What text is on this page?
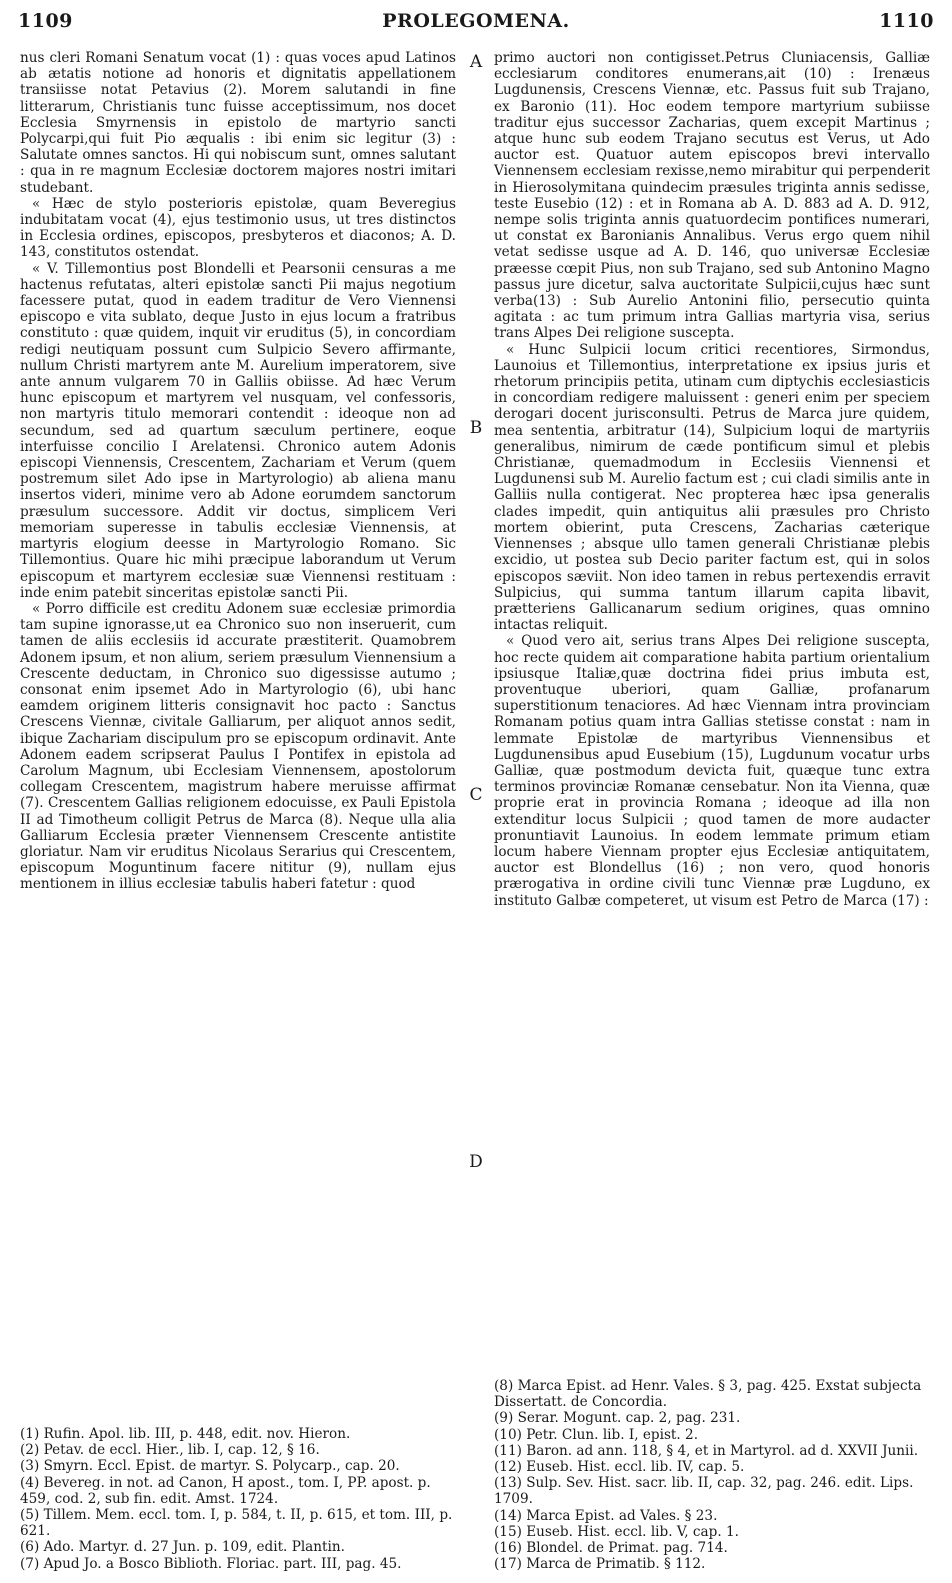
1109	PROLEGOMENA.	1110

nus cleri Romani Senatum vocat (1) : quas voces apud Latinos ab ætatis notione ad honoris et dignitatis appellationem transiisse notat Petavius (2). Morem salutandi in fine litterarum, Christianis tunc fuisse acceptissimum, nos docet Ecclesia Smyrnensis in epistolo de martyrio sancti Polycarpi,qui fuit Pio æqualis : ibi enim sic legitur (3) : Salutate omnes sanctos. Hi qui nobiscum sunt, omnes salutant : qua in re magnum Ecclesiæ doctorem majores nostri imitari studebant.

« Hæc de stylo posterioris epistolæ, quam Beveregius indubitatam vocat (4), ejus testimonio usus, ut tres distinctos in Ecclesia ordines, episcopos, presbyteros et diaconos; A. D. 143, constitutos ostendat.

« V. Tillemontius post Blondelli et Pearsonii censuras a me hactenus refutatas, alteri epistolæ sancti Pii majus negotium facessere putat, quod in eadem traditur de Vero Viennensi episcopo e vita sublato, deque Justo in ejus locum a fratribus constituto : quæ quidem, inquit vir eruditus (5), in concordiam redigi neutiquam possunt cum Sulpicio Severo affirmante, nullum Christi martyrem ante M. Aurelium imperatorem, sive ante annum vulgarem 70 in Galliis obiisse. Ad hæc Verum hunc episcopum et martyrem vel nusquam, vel confessoris, non martyris titulo memorari contendit : ideoque non ad secundum, sed ad quartum sæculum pertinere, eoque interfuisse concilio I Arelatensi. Chronico autem Adonis episcopi Viennensis, Crescentem, Zachariam et Verum (quem postremum silet Ado ipse in Martyrologio) ab aliena manu insertos videri, minime vero ab Adone eorumdem sanctorum præsulum successore. Addit vir doctus, simplicem Veri memoriam superesse in tabulis ecclesiæ Viennensis, at martyris elogium deesse in Martyrologio Romano. Sic Tillemontius. Quare hic mihi præcipue laborandum ut Verum episcopum et martyrem ecclesiæ suæ Viennensi restituam : inde enim patebit sinceritas epistolæ sancti Pii.

« Porro difficile est creditu Adonem suæ ecclesiæ primordia tam supine ignorasse,ut ea Chronico suo non inseruerit, cum tamen de aliis ecclesiis id accurate præstiterit. Quamobrem Adonem ipsum, et non alium, seriem præsulum Viennensium a Crescente deductam, in Chronico suo digessisse autumo ; consonat enim ipsemet Ado in Martyrologio (6), ubi hanc eamdem originem litteris consignavit hoc pacto : Sanctus Crescens Viennæ, civitale Galliarum, per aliquot annos sedit, ibique Zachariam discipulum pro se episcopum ordinavit. Ante Adonem eadem scripserat Paulus I Pontifex in epistola ad Carolum Magnum, ubi Ecclesiam Viennensem, apostolorum collegam Crescentem, magistrum habere meruisse affirmat (7). Crescentem Gallias religionem edocuisse, ex Pauli Epistola II ad Timotheum colligit Petrus de Marca (8). Neque ulla alia Galliarum Ecclesia præter Viennensem Crescente antistite gloriatur. Nam vir eruditus Nicolaus Serarius qui Crescentem, episcopum Moguntinum facere nititur (9), nullam ejus mentionem in illius ecclesiæ tabulis haberi fatetur : quod

A
B
C
D

primo auctori non contigisset.Petrus Cluniacensis, Galliæ ecclesiarum conditores enumerans,ait (10) : Irenæus Lugdunensis, Crescens Viennæ, etc. Passus fuit sub Trajano, ex Baronio (11). Hoc eodem tempore martyrium subiisse traditur ejus successor Zacharias, quem excepit Martinus ; atque hunc sub eodem Trajano secutus est Verus, ut Ado auctor est. Quatuor autem episcopos brevi intervallo Viennensem ecclesiam rexisse,nemo mirabitur qui perpenderit in Hierosolymitana quindecim præsules triginta annis sedisse, teste Eusebio (12) : et in Romana ab A. D. 883 ad A. D. 912, nempe solis triginta annis quatuordecim pontifices numerari, ut constat ex Baronianis Annalibus. Verus ergo quem nihil vetat sedisse usque ad A. D. 146, quo universæ Ecclesiæ præesse cœpit Pius, non sub Trajano, sed sub Antonino Magno passus jure dicetur, salva auctoritate Sulpicii,cujus hæc sunt verba(13) : Sub Aurelio Antonini filio, persecutio quinta agitata : ac tum primum intra Gallias martyria visa, serius trans Alpes Dei religione suscepta.

« Hunc Sulpicii locum critici recentiores, Sirmondus, Launoius et Tillemontius, interpretatione ex ipsius juris et rhetorum principiis petita, utinam cum diptychis ecclesiasticis in concordiam redigere maluissent : generi enim per speciem derogari docent jurisconsulti. Petrus de Marca jure quidem, mea sententia, arbitratur (14), Sulpicium loqui de martyriis generalibus, nimirum de cæde pontificum simul et plebis Christianæ, quemadmodum in Ecclesiis Viennensi et Lugdunensi sub M. Aurelio factum est ; cui cladi similis ante in Galliis nulla contigerat. Nec propterea hæc ipsa generalis clades impedit, quin antiquitus alii præsules pro Christo mortem obierint, puta Crescens, Zacharias cæterique Viennenses ; absque ullo tamen generali Christianæ plebis excidio, ut postea sub Decio pariter factum est, qui in solos episcopos sæviit. Non ideo tamen in rebus pertexendis erravit Sulpicius, qui summa tantum illarum capita libavit, prætteriens Gallicanarum sedium origines, quas omnino intactas reliquit.

« Quod vero ait, serius trans Alpes Dei religione suscepta, hoc recte quidem ait comparatione habita partium orientalium ipsiusque Italiæ,quæ doctrina fidei prius imbuta est, proventuque uberiori, quam Galliæ, profanarum superstitionum tenaciores. Ad hæc Viennam intra provinciam Romanam potius quam intra Gallias stetisse constat : nam in lemmate Epistolæ de martyribus Viennensibus et Lugdunensibus apud Eusebium (15), Lugdunum vocatur urbs Galliæ, quæ postmodum devicta fuit, quæque tunc extra terminos provinciæ Romanæ censebatur. Non ita Vienna, quæ proprie erat in provincia Romana ; ideoque ad illa non extenditur locus Sulpicii ; quod tamen de more audacter pronuntiavit Launoius. In eodem lemmate primum etiam locum habere Viennam propter ejus Ecclesiæ antiquitatem, auctor est Blondellus (16) ; non vero, quod honoris prærogativa in ordine civili tunc Viennæ præ Lugduno, ex instituto Galbæ competeret, ut visum est Petro de Marca (17) :

(1) Rufin. Apol. lib. III, p. 448, edit. nov. Hieron.
(2) Petav. de eccl. Hier., lib. I, cap. 12, § 16.
(3) Smyrn. Eccl. Epist. de martyr. S. Polycarp., cap. 20.
(4) Bevereg. in not. ad Canon, H apost., tom. I, PP. apost. p. 459, cod. 2, sub fin. edit. Amst. 1724.
(5) Tillem. Mem. eccl. tom. I, p. 584, t. II, p. 615, et tom. III, p. 621.
(6) Ado. Martyr. d. 27 Jun. p. 109, edit. Plantin.
(7) Apud Jo. a Bosco Biblioth. Floriac. part. III, pag. 45.
(8) Marca Epist. ad Henr. Vales. § 3, pag. 425. Exstat subjecta Dissertatt. de Concordia.
(9) Serar. Mogunt. cap. 2, pag. 231.
(10) Petr. Clun. lib. I, epist. 2.
(11) Baron. ad ann. 118, § 4, et in Martyrol. ad d. XXVII Junii.
(12) Euseb. Hist. eccl. lib. IV, cap. 5.
(13) Sulp. Sev. Hist. sacr. lib. II, cap. 32, pag. 246. edit. Lips. 1709.
(14) Marca Epist. ad Vales. § 23.
(15) Euseb. Hist. eccl. lib. V, cap. 1.
(16) Blondel. de Primat. pag. 714.
(17) Marca de Primatib. § 112.
